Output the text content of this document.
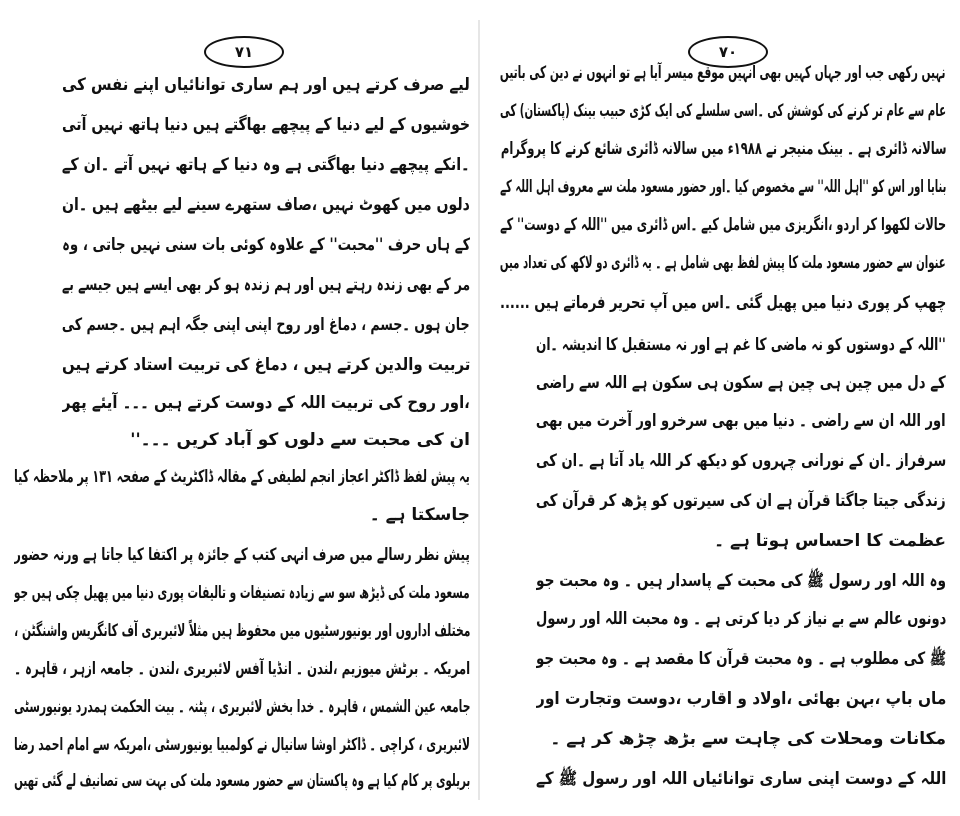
۷۱	۷۰
لیے صرف کرتے ہیں اور ہم ساری توانائیاں اپنے نفس کی
خوشیوں کے لیے دنیا کے پیچھے بھاگتے ہیں دنیا ہاتھ نہیں آتی
۔انکے پیچھے دنیا بھاگتی ہے وہ دنیا کے ہاتھ نہیں آتے ۔ان کے
دلوں میں کھوٹ نہیں ،صاف ستھرے سینے لیے بیٹھے ہیں ۔ان
کے ہاں حرف ''محبت'' کے علاوہ کوئی بات سنی نہیں جاتی ، وہ
مر کے بھی زندہ رہتے ہیں اور ہم زندہ ہو کر بھی ایسے ہیں جیسے بے
جان ہوں ۔جسم ، دماغ اور روح اپنی اپنی جگہ اہم ہیں ۔جسم کی
تربیت والدین کرتے ہیں ، دماغ کی تربیت استاد کرتے ہیں
،اور روح کی تربیت اللہ کے دوست کرتے ہیں ۔۔۔ آیئے پھر
ان کی محبت سے دلوں کو آباد کریں ۔۔۔''
یہ پیش لفظ ڈاکٹر اعجاز انجم لطیفی کے مقالہ ڈاکٹریٹ کے صفحہ ۱۳۱ پر ملاحظہ کیا
جاسکتا ہے ۔
پیش نظر رسالے میں صرف انہی کتب کے جائزہ پر اکتفا کیا جاتا ہے ورنہ حضور
مسعود ملت کی ڈیڑھ سو سے زیادہ تصنیفات و تالیفات پوری دنیا میں پھیل چکی ہیں جو
مختلف اداروں اور یونیورسٹیوں میں محفوظ ہیں مثلاً لائبریری آف کانگریس واشنگٹن ،
امریکہ ۔ برٹش میوزیم ،لندن ۔ انڈیا آفس لائبریری ،لندن ۔ جامعہ ازہر ، قاہرہ ۔
جامعہ عین الشمس ، قاہرہ ۔ خدا بخش لائبریری ، پٹنہ ۔ بیت الحکمت ہمدرد یونیورسٹی
لائبریری ، کراچی ۔ ڈاکٹر اوشا سانیال نے کولمبیا یونیورسٹی ،امریکہ سے امام احمد رضا
بریلوی پر کام کیا ہے وہ پاکستان سے حضور مسعود ملت کی بہت سی تصانیف لے گئی تھیں
نہیں رکھی جب اور جہاں کہیں بھی انہیں موقع میسر آیا ہے تو انہوں نے دین کی باتیں
عام سے عام تر کرنے کی کوشش کی ۔اسی سلسلے کی ایک کڑی حبیب بینک (پاکستان) کی
سالانہ ڈائری ہے ۔ بینک منیجر نے ۱۹۸۸ء میں سالانہ ڈائری شائع کرنے کا پروگرام
بنایا اور اس کو ''اہل اللہ'' سے مخصوص کیا ۔اور حضور مسعود ملت سے معروف اہل اللہ کے
حالات لکھوا کر اردو ،انگریزی میں شامل کیے ۔اس ڈائری میں ''اللہ کے دوست'' کے
عنوان سے حضور مسعود ملت کا پیش لفظ بھی شامل ہے ۔ یہ ڈائری دو لاکھ کی تعداد میں
چھپ کر پوری دنیا میں پھیل گئی ۔اس میں آپ تحریر فرماتے ہیں ......
''اللہ کے دوستوں کو نہ ماضی کا غم ہے اور نہ مستقبل کا اندیشہ ۔ان
کے دل میں چین ہی چین ہے سکون ہی سکون ہے اللہ سے راضی
اور اللہ ان سے راضی ۔ دنیا میں بھی سرخرو اور آخرت میں بھی
سرفراز ۔ان کے نورانی چہروں کو دیکھ کر اللہ یاد آتا ہے ۔ان کی
زندگی جیتا جاگتا قرآن ہے ان کی سیرتوں کو پڑھ کر قرآن کی
عظمت کا احساس ہوتا ہے ۔
وہ اللہ اور رسول ﷺ کی محبت کے پاسدار ہیں ۔ وہ محبت جو
دونوں عالم سے بے نیاز کر دیا کرتی ہے ۔ وہ محبت اللہ اور رسول
ﷺ کی مطلوب ہے ۔ وہ محبت قرآن کا مقصد ہے ۔ وہ محبت جو
ماں باپ ،بہن بھائی ،اولاد و اقارب ،دوست وتجارت اور
مکانات ومحلات کی چاہت سے بڑھ چڑھ کر ہے ۔
اللہ کے دوست اپنی ساری توانائیاں اللہ اور رسول ﷺ کے
